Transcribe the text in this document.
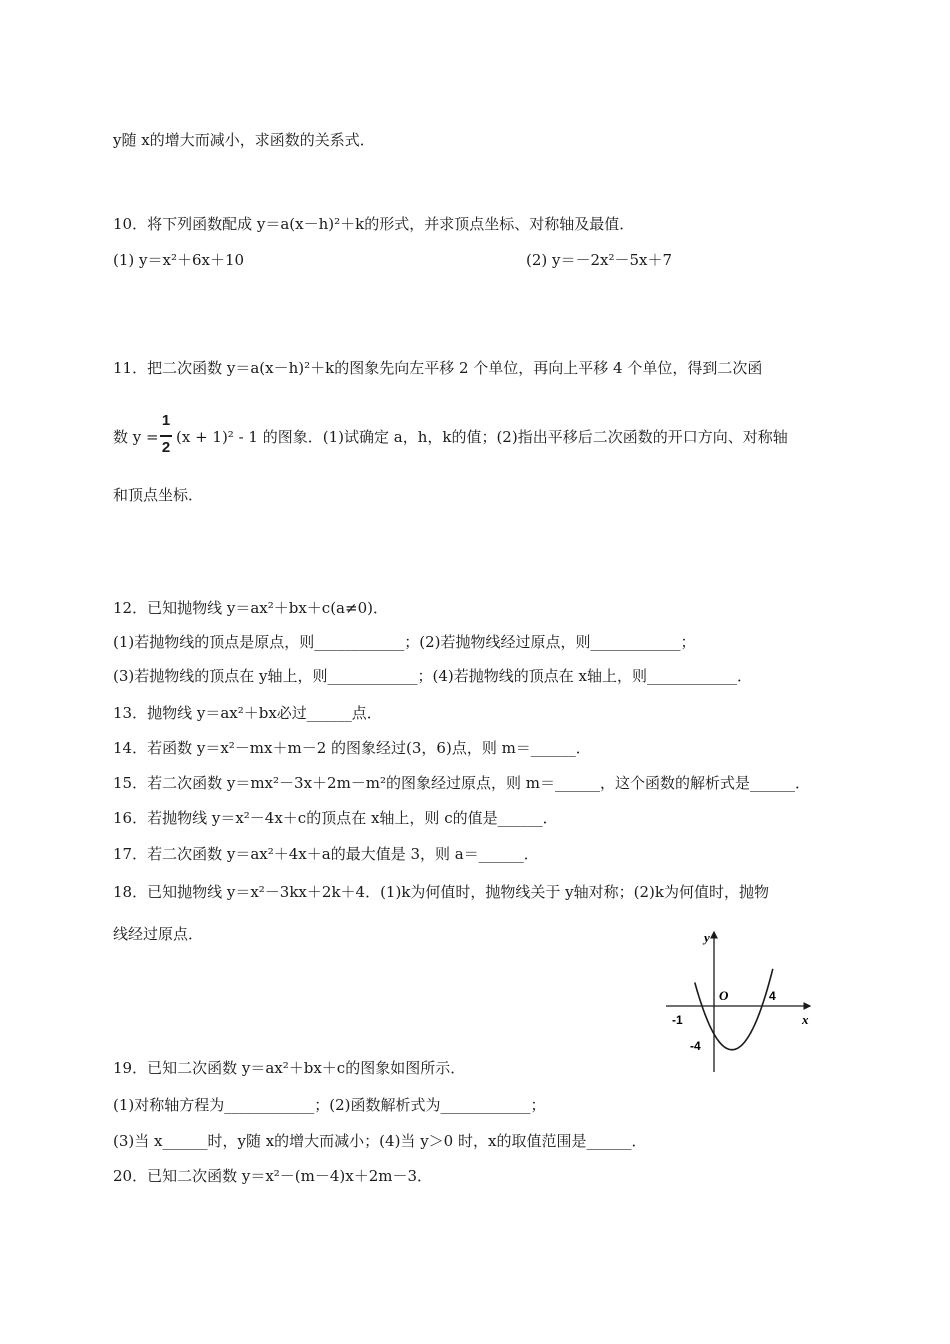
y随 x的增大而减小，求函数的关系式．
10．将下列函数配成 y＝a(x－h)²＋k的形式，并求顶点坐标、对称轴及最值．
(1) y＝x²＋6x＋10	(2) y＝－2x²－5x＋7
11．把二次函数 y＝a(x－h)²＋k的图象先向左平移 2 个单位，再向上平移 4 个单位，得到二次函
数 y =
1
2
(x + 1)² - 1 的图象．(1)试确定 a，h，k的值；(2)指出平移后二次函数的开口方向、对称轴
和顶点坐标．
12．已知抛物线 y＝ax²＋bx＋c(a≠0)．
(1)若抛物线的顶点是原点，则____________；(2)若抛物线经过原点，则____________；
(3)若抛物线的顶点在 y轴上，则____________；(4)若抛物线的顶点在 x轴上，则____________．
13．抛物线 y＝ax²＋bx必过______点．
14．若函数 y＝x²－mx＋m－2 的图象经过(3，6)点，则 m＝______．
15．若二次函数 y＝mx²－3x＋2m－m²的图象经过原点，则 m＝______，这个函数的解析式是______．
16．若抛物线 y＝x²－4x＋c的顶点在 x轴上，则 c的值是______．
17．若二次函数 y＝ax²＋4x＋a的最大值是 3，则 a＝______．
18．已知抛物线 y＝x²－3kx＋2k＋4．(1)k为何值时，抛物线关于 y轴对称；(2)k为何值时，抛物
线经过原点．	y
x
O
-1
4
-4
19．已知二次函数 y＝ax²＋bx＋c的图象如图所示．
(1)对称轴方程为____________；(2)函数解析式为____________；
(3)当 x______时，y随 x的增大而减小；(4)当 y＞0 时，x的取值范围是______．
20．已知二次函数 y＝x²－(m－4)x＋2m－3．
